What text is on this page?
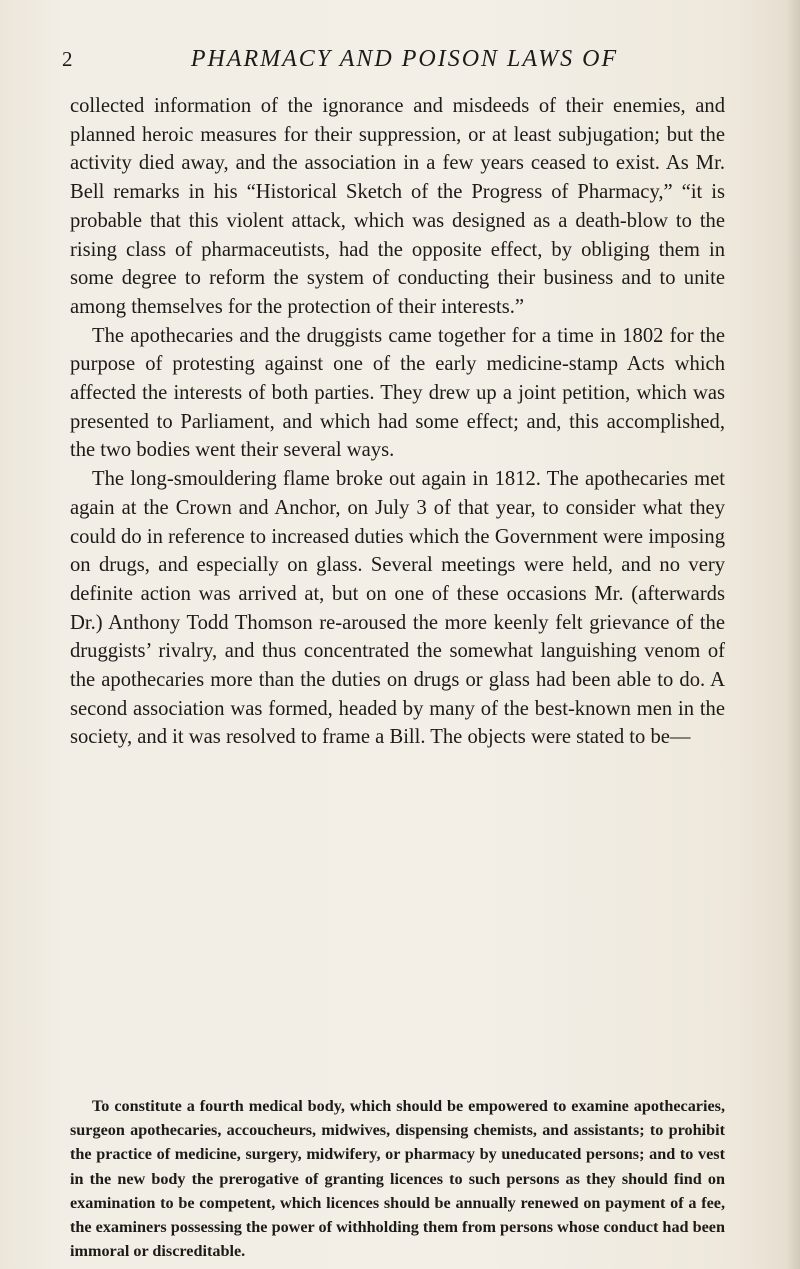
2	PHARMACY AND POISON LAWS OF

collected information of the ignorance and misdeeds of their enemies, and planned heroic measures for their suppression, or at least subjugation; but the activity died away, and the association in a few years ceased to exist. As Mr. Bell remarks in his “Historical Sketch of the Progress of Pharmacy,” “it is probable that this violent attack, which was designed as a death-blow to the rising class of pharmaceutists, had the opposite effect, by obliging them in some degree to reform the system of conducting their business and to unite among themselves for the protection of their interests.”

The apothecaries and the druggists came together for a time in 1802 for the purpose of protesting against one of the early medicine-stamp Acts which affected the interests of both parties. They drew up a joint petition, which was presented to Parliament, and which had some effect; and, this accomplished, the two bodies went their several ways.

The long-smouldering flame broke out again in 1812. The apothecaries met again at the Crown and Anchor, on July 3 of that year, to consider what they could do in reference to increased duties which the Government were imposing on drugs, and especially on glass. Several meetings were held, and no very definite action was arrived at, but on one of these occasions Mr. (afterwards Dr.) Anthony Todd Thomson re-aroused the more keenly felt grievance of the druggists’ rivalry, and thus concentrated the somewhat languishing venom of the apothecaries more than the duties on drugs or glass had been able to do. A second association was formed, headed by many of the best-known men in the society, and it was resolved to frame a Bill. The objects were stated to be—

To constitute a fourth medical body, which should be empowered to examine apothecaries, surgeon apothecaries, accoucheurs, midwives, dispensing chemists, and assistants; to prohibit the practice of medicine, surgery, midwifery, or pharmacy by uneducated persons; and to vest in the new body the prerogative of granting licences to such persons as they should find on examination to be competent, which licences should be annually renewed on payment of a fee, the examiners possessing the power of withholding them from persons whose conduct had been immoral or discreditable.
